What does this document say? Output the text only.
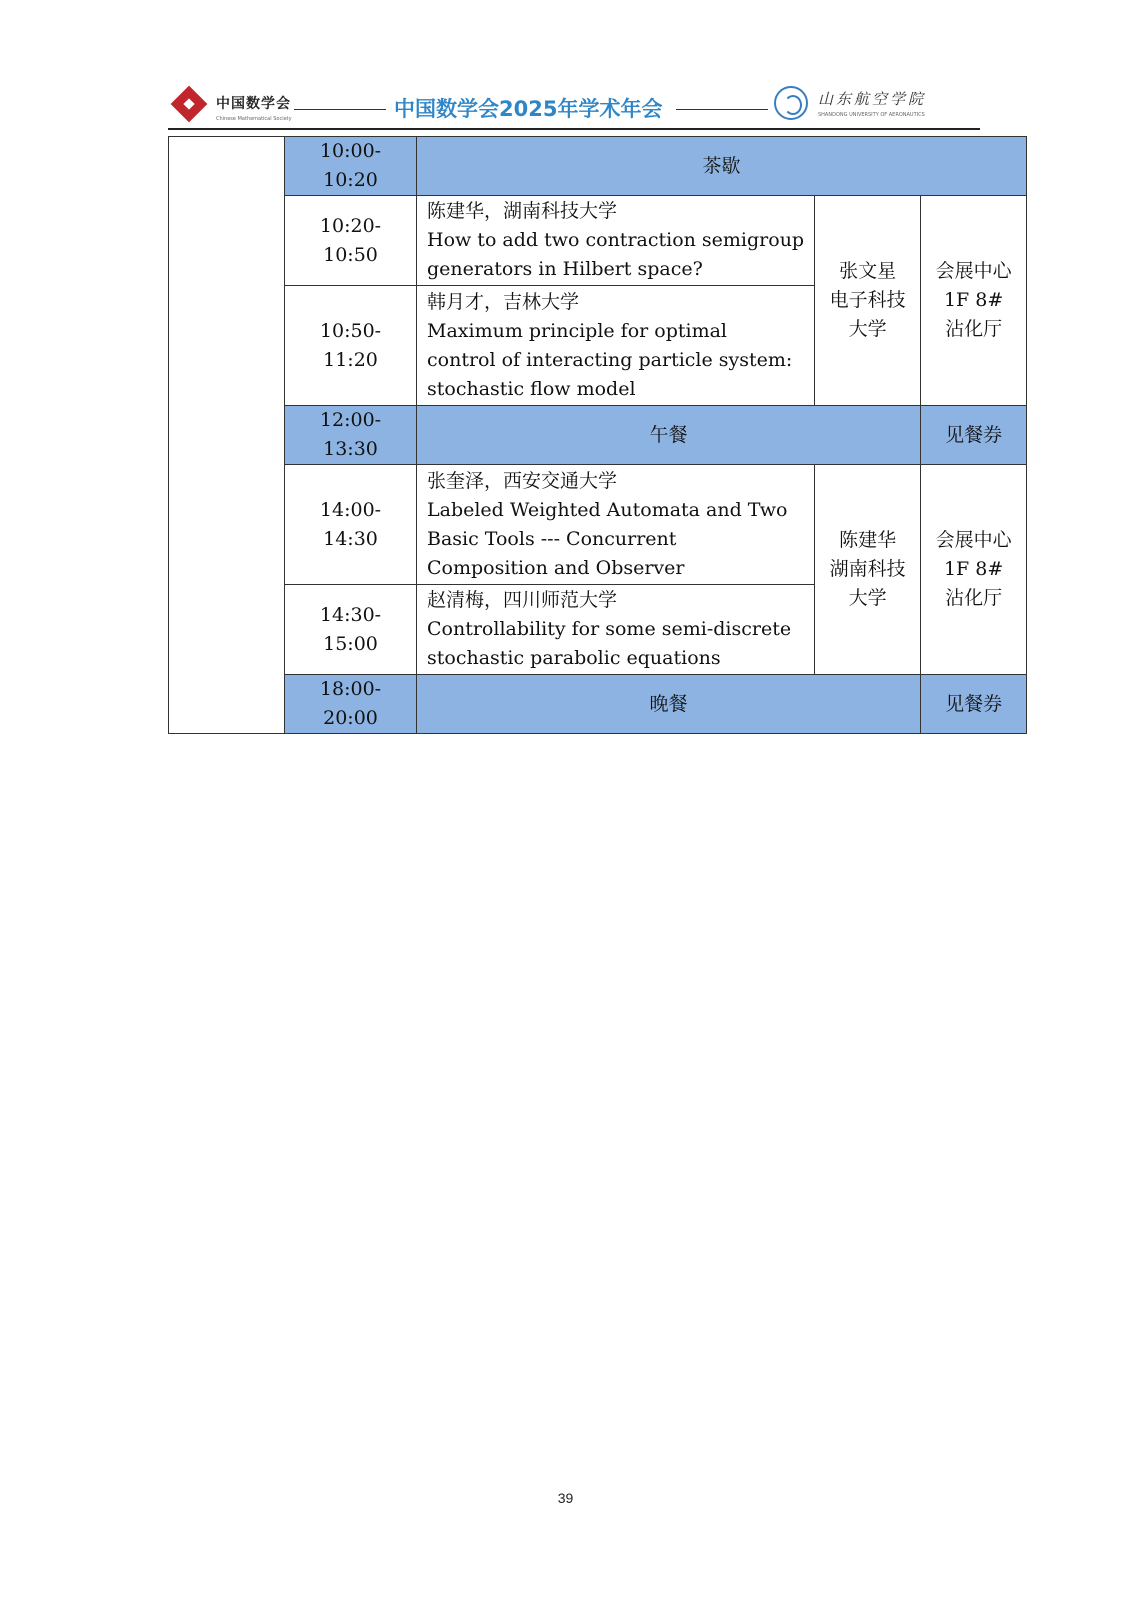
中国数学会
Chinese Mathematical Society	中国数学会2025年学术年会	山东航空学院
SHANDONG UNIVERSITY OF AERONAUTICS
	10:00-10:20	茶歇		
	10:20-10:50	陈建华，湖南科技大学
How to add two contraction semigroup
generators in Hilbert space?	张文星
电子科技
大学	会展中心
1F 8#
沾化厅

	10:50-11:20	韩月才，吉林大学
Maximum principle for optimal
control of interacting particle system:
stochastic flow model		

	12:00-13:30	午餐		见餐券
	14:00-14:30	张奎泽，西安交通大学
Labeled Weighted Automata and Two
Basic Tools --- Concurrent
Composition and Observer	陈建华
湖南科技
大学	会展中心
1F 8#
沾化厅

	14:30-15:00	赵清梅，四川师范大学
Controllability for some semi-discrete
stochastic parabolic equations		

	18:00-20:00	晚餐		见餐券
39
